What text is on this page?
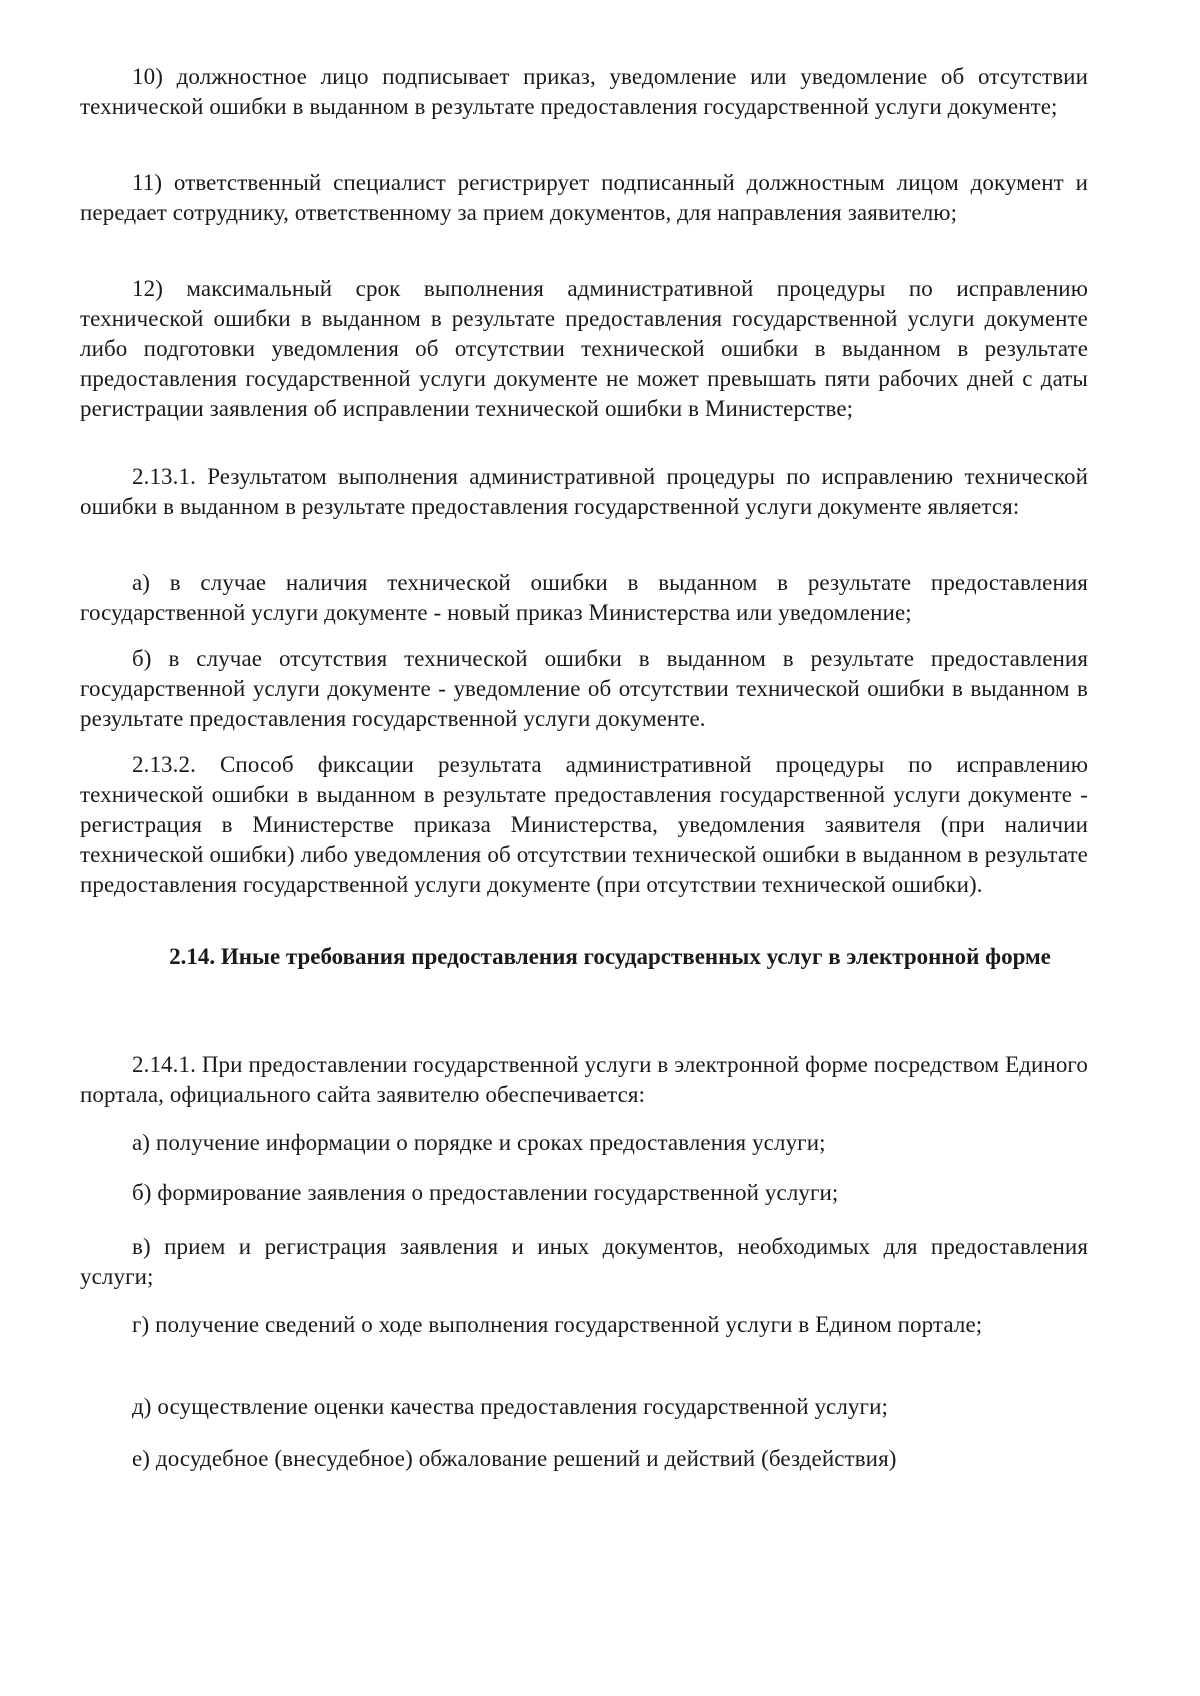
10) должностное лицо подписывает приказ, уведомление или уведомление об отсутствии технической ошибки в выданном в результате предоставления государственной услуги документе;

11) ответственный специалист регистрирует подписанный должностным лицом документ и передает сотруднику, ответственному за прием документов, для направления заявителю;

12) максимальный срок выполнения административной процедуры по исправлению технической ошибки в выданном в результате предоставления государственной услуги документе либо подготовки уведомления об отсутствии технической ошибки в выданном в результате предоставления государственной услуги документе не может превышать пяти рабочих дней с даты регистрации заявления об исправлении технической ошибки в Министерстве;

2.13.1. Результатом выполнения административной процедуры по исправлению технической ошибки в выданном в результате предоставления государственной услуги документе является:

а) в случае наличия технической ошибки в выданном в результате предоставления государственной услуги документе - новый приказ Министерства или уведомление;

б) в случае отсутствия технической ошибки в выданном в результате предоставления государственной услуги документе - уведомление об отсутствии технической ошибки в выданном в результате предоставления государственной услуги документе.

2.13.2. Способ фиксации результата административной процедуры по исправлению технической ошибки в выданном в результате предоставления государственной услуги документе - регистрация в Министерстве приказа Министерства, уведомления заявителя (при наличии технической ошибки) либо уведомления об отсутствии технической ошибки в выданном в результате предоставления государственной услуги документе (при отсутствии технической ошибки).

2.14. Иные требования предоставления государственных услуг в электронной форме

2.14.1. При предоставлении государственной услуги в электронной форме посредством Единого портала, официального сайта заявителю обеспечивается:

а) получение информации о порядке и сроках предоставления услуги;

б) формирование заявления о предоставлении государственной услуги;

в) прием и регистрация заявления и иных документов, необходимых для предоставления услуги;

г) получение сведений о ходе выполнения государственной услуги в Едином портале;

д) осуществление оценки качества предоставления государственной услуги;

е) досудебное (внесудебное) обжалование решений и действий (бездействия)
